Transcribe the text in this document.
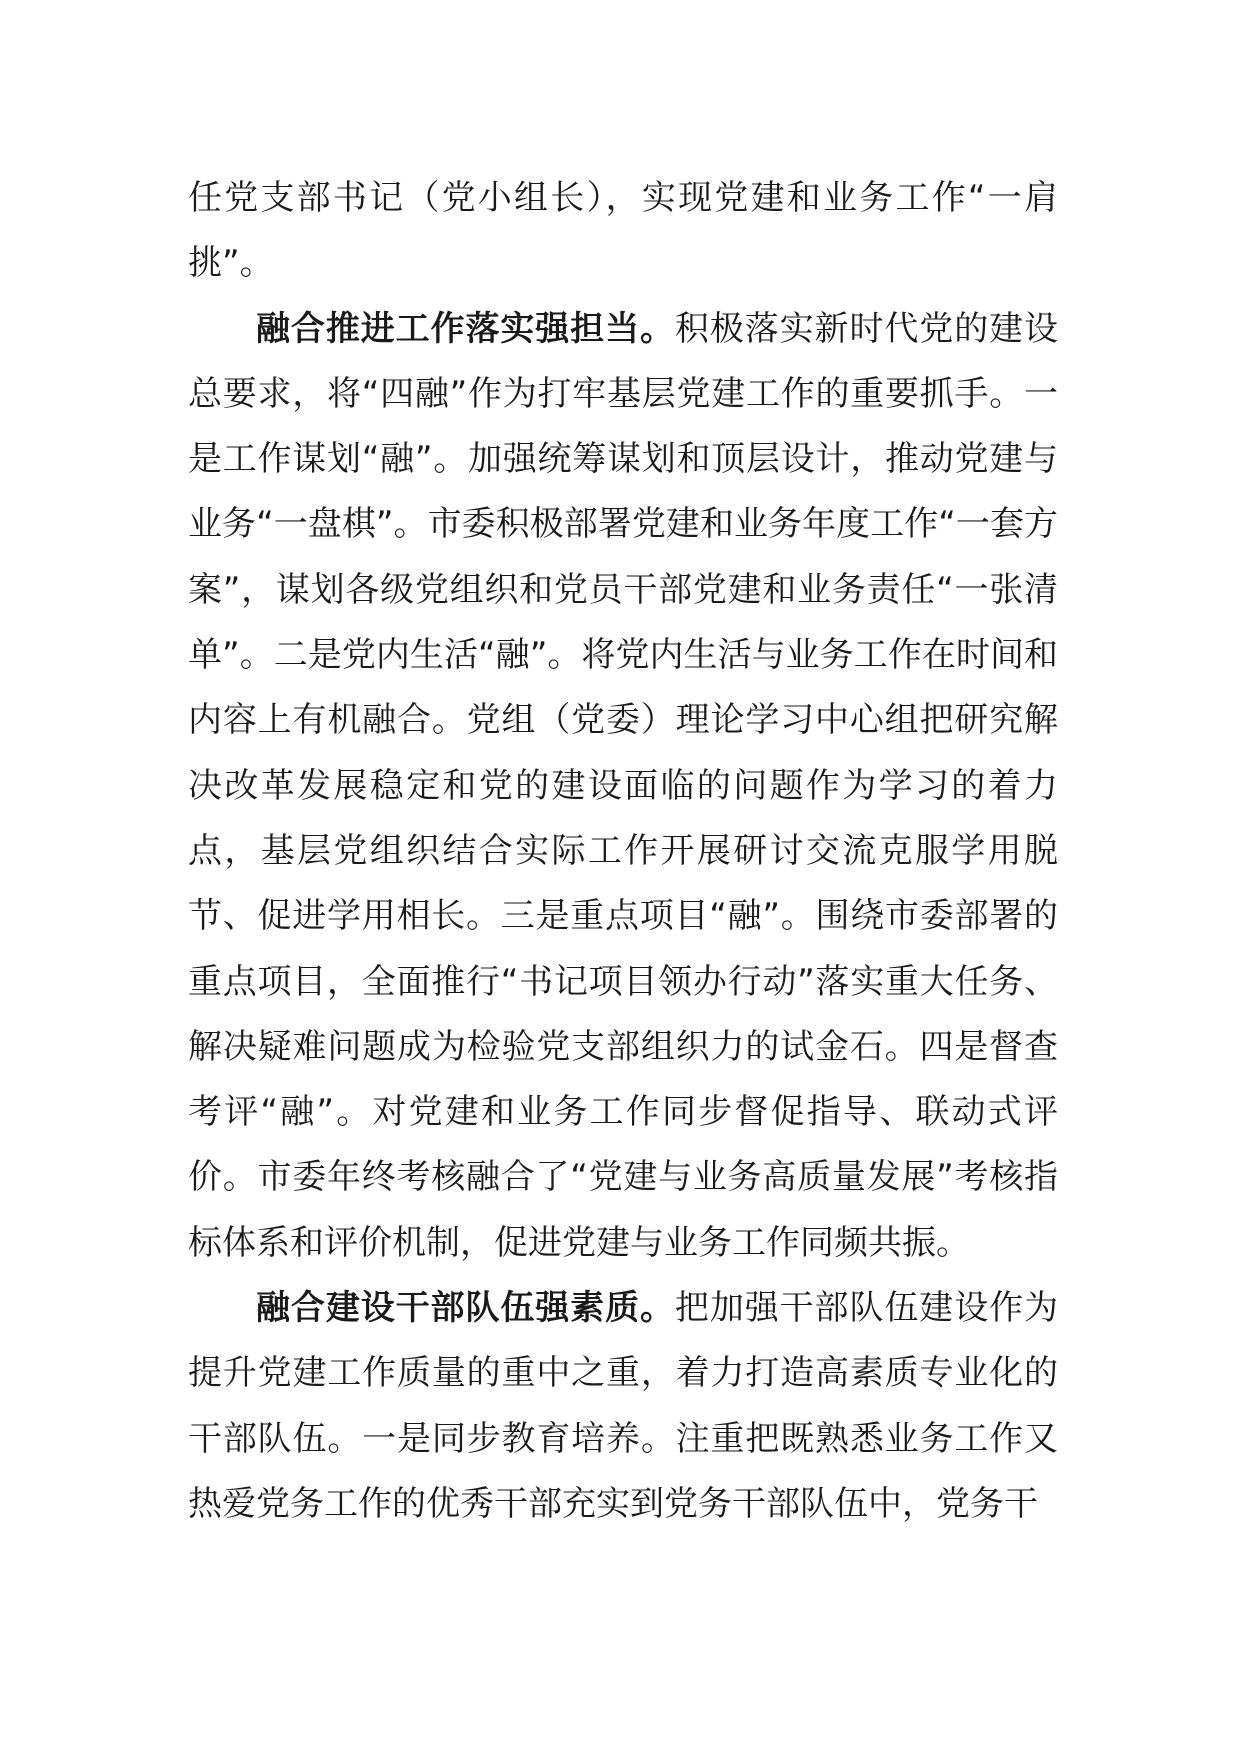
任党支部书记（党小组长），实现党建和业务工作“一肩挑”。

融合推进工作落实强担当。积极落实新时代党的建设总要求，将“四融”作为打牢基层党建工作的重要抓手。一是工作谋划“融”。加强统筹谋划和顶层设计，推动党建与业务“一盘棋”。市委积极部署党建和业务年度工作“一套方案”，谋划各级党组织和党员干部党建和业务责任“一张清单”。二是党内生活“融”。将党内生活与业务工作在时间和内容上有机融合。党组（党委）理论学习中心组把研究解决改革发展稳定和党的建设面临的问题作为学习的着力点，基层党组织结合实际工作开展研讨交流克服学用脱节、促进学用相长。三是重点项目“融”。围绕市委部署的重点项目，全面推行“书记项目领办行动”落实重大任务、解决疑难问题成为检验党支部组织力的试金石。四是督查考评“融”。对党建和业务工作同步督促指导、联动式评价。市委年终考核融合了“党建与业务高质量发展”考核指标体系和评价机制，促进党建与业务工作同频共振。

融合建设干部队伍强素质。把加强干部队伍建设作为提升党建工作质量的重中之重，着力打造高素质专业化的干部队伍。一是同步教育培养。注重把既熟悉业务工作又热爱党务工作的优秀干部充实到党务干部队伍中，党务干
